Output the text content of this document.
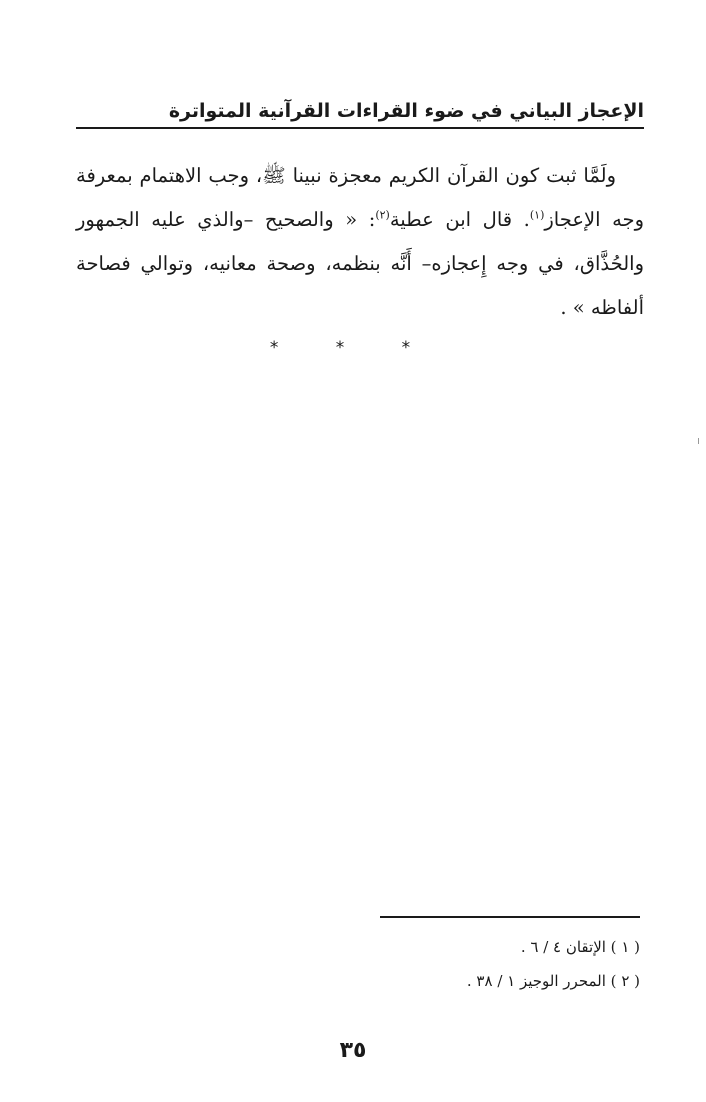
الإعجاز البياني في ضوء القراءات القرآنية المتواترة

ولَمَّا ثبت كون القرآن الكريم معجزة نبينا ﷺ، وجب الاهتمام بمعرفة وجه الإعجاز$^{(١)}$. قال ابن عطية$^{(٢)}$: « والصحيح –والذي عليه الجمهور والحُذَّاق، في وجه إِعجازه– أَنَّه بنظمه، وصحة معانيه، وتوالي فصاحة ألفاظه » .

* * *
( ١ ) الإتقان ٤ / ٦ .
( ٢ ) المحرر الوجيز ١ / ٣٨ .
٣٥
